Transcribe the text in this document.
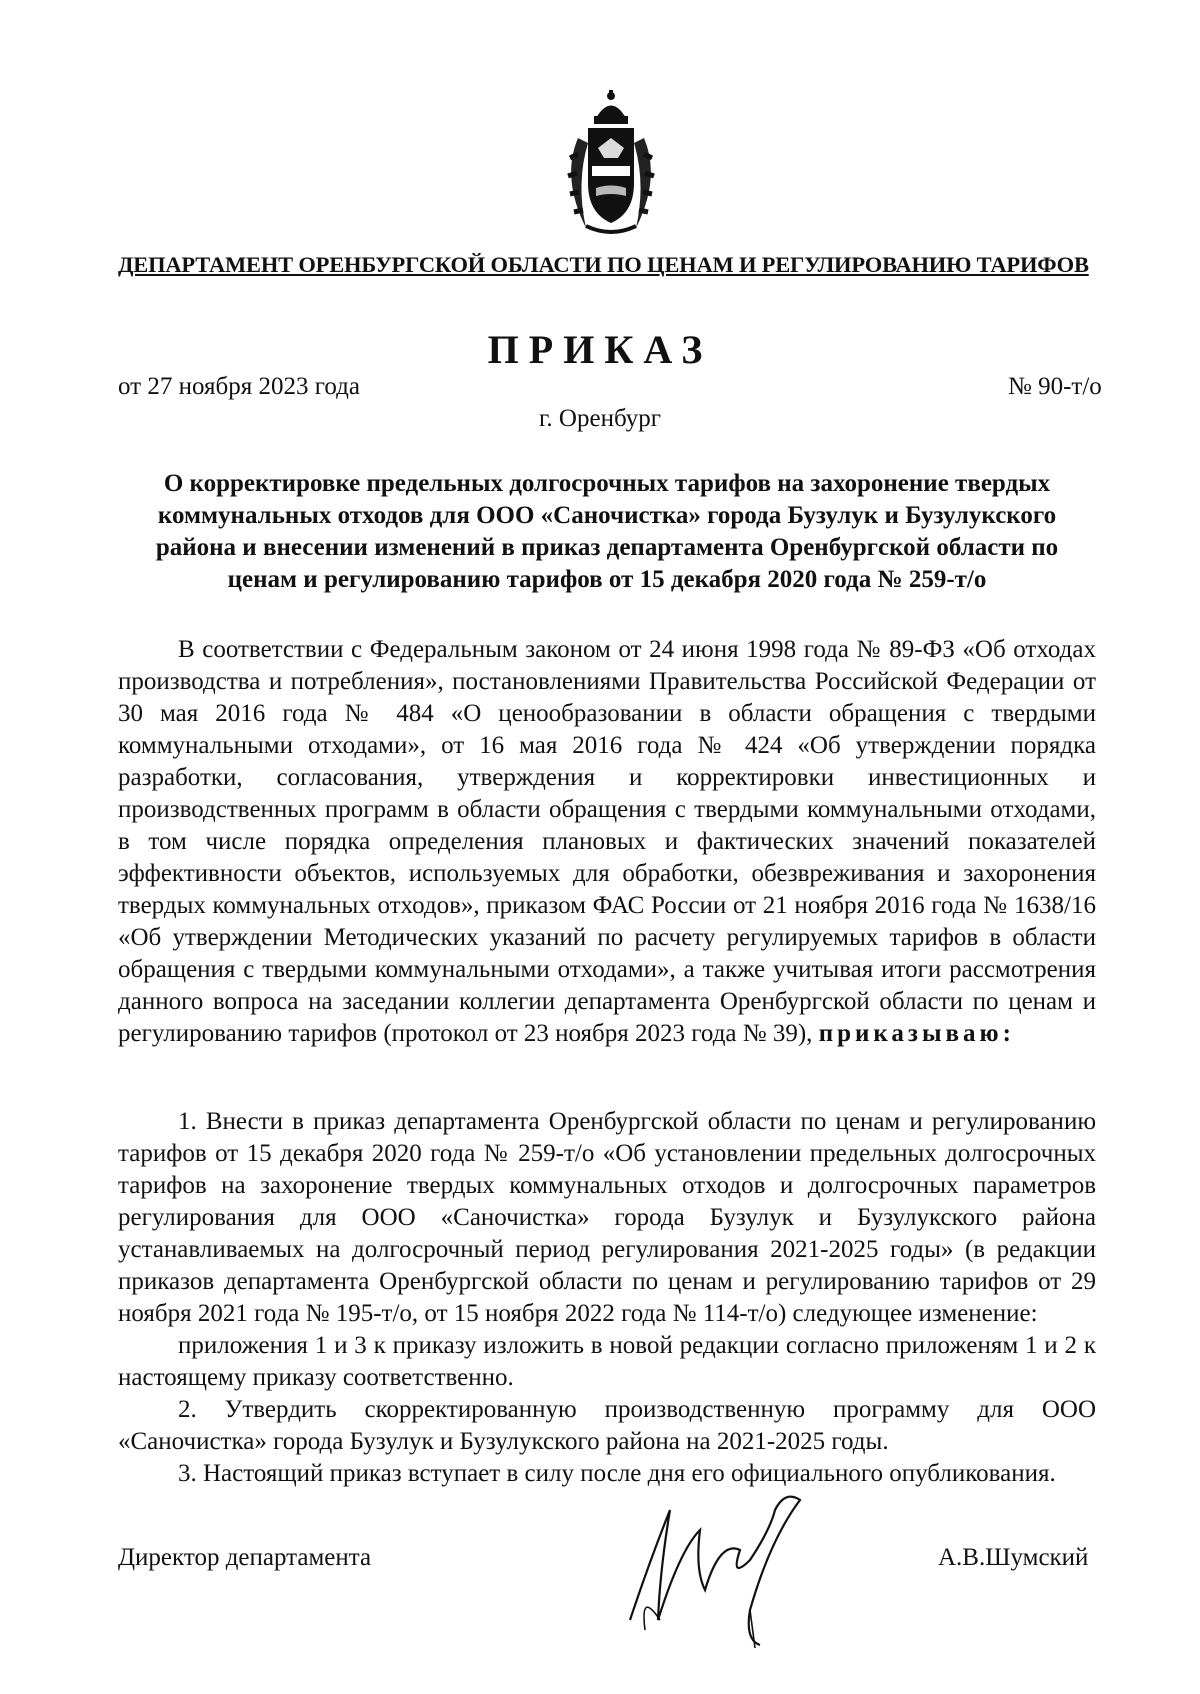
ДЕПАРТАМЕНТ ОРЕНБУРГСКОЙ ОБЛАСТИ ПО ЦЕНАМ И РЕГУЛИРОВАНИЮ ТАРИФОВ
ПРИКАЗ
от 27 ноября 2023 года	№ 90-т/о
г. Оренбург
О корректировке предельных долгосрочных тарифов на захоронение твердых коммунальных отходов для ООО «Саночистка» города Бузулук и Бузулукского района и внесении изменений в приказ департамента Оренбургской области по ценам и регулированию тарифов от 15 декабря 2020 года № 259-т/о

В соответствии с Федеральным законом от 24 июня 1998 года № 89-ФЗ «Об отходах производства и потребления», постановлениями Правительства Российской Федерации от 30 мая 2016 года № 484 «О ценообразовании в области обращения с твердыми коммунальными отходами», от 16 мая 2016 года № 424 «Об утверждении порядка разработки, согласования, утверждения и корректировки инвестиционных и производственных программ в области обращения с твердыми коммунальными отходами, в том числе порядка определения плановых и фактических значений показателей эффективности объектов, используемых для обработки, обезвреживания и захоронения твердых коммунальных отходов», приказом ФАС России от 21 ноября 2016 года № 1638/16 «Об утверждении Методических указаний по расчету регулируемых тарифов в области обращения с твердыми коммунальными отходами», а также учитывая итоги рассмотрения данного вопроса на заседании коллегии департамента Оренбургской области по ценам и регулированию тарифов (протокол от 23 ноября 2023 года № 39), приказываю:

1. Внести в приказ департамента Оренбургской области по ценам и регулированию тарифов от 15 декабря 2020 года № 259-т/о «Об установлении предельных долгосрочных тарифов на захоронение твердых коммунальных отходов и долгосрочных параметров регулирования для ООО «Саночистка» города Бузулук и Бузулукского района устанавливаемых на долгосрочный период регулирования 2021-2025 годы» (в редакции приказов департамента Оренбургской области по ценам и регулированию тарифов от 29 ноября 2021 года № 195-т/о, от 15 ноября 2022 года № 114-т/о) следующее изменение:

приложения 1 и 3 к приказу изложить в новой редакции согласно приложеням 1 и 2 к настоящему приказу соответственно.

2. Утвердить скорректированную производственную программу для ООО «Саночистка» города Бузулук и Бузулукского района на 2021-2025 годы.

3. Настоящий приказ вступает в силу после дня его официального опубликования.

Директор департамента	А.В.Шумский
